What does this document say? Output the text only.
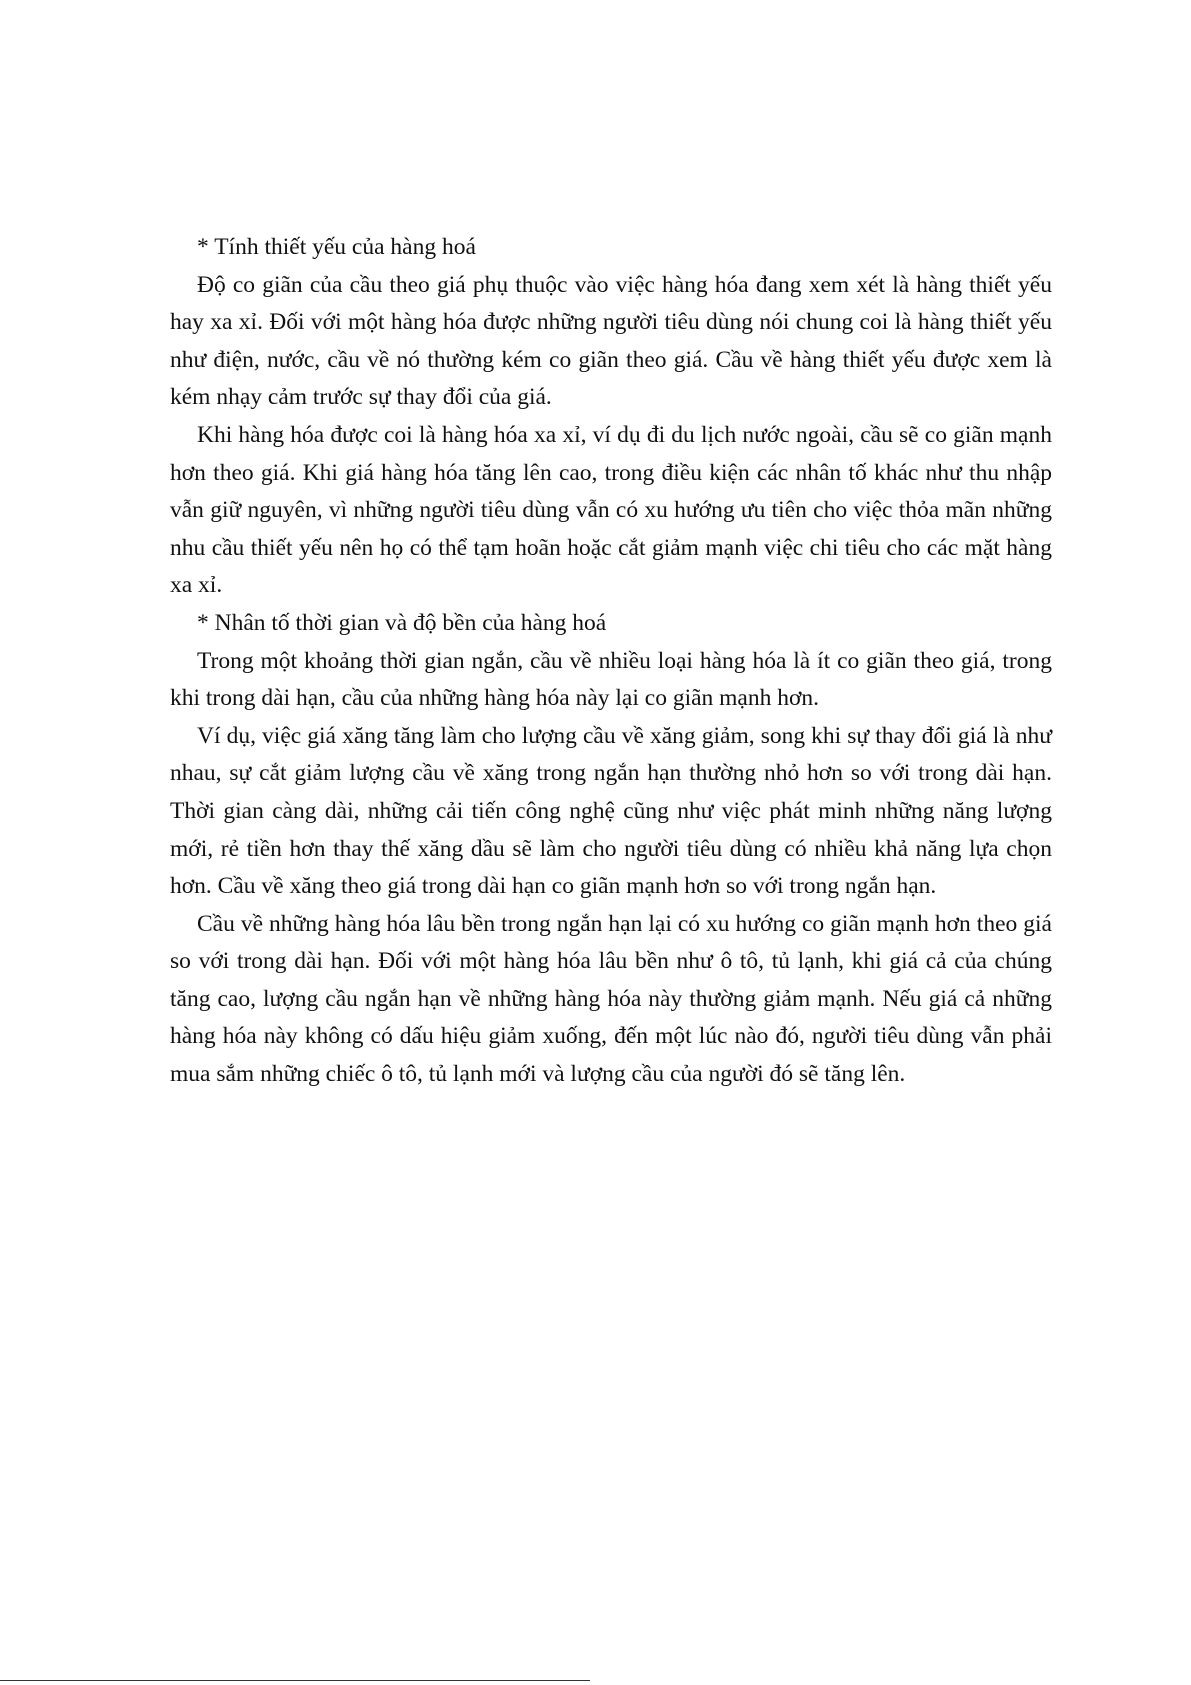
* Tính thiết yếu của hàng hoá

Độ co giãn của cầu theo giá phụ thuộc vào việc hàng hóa đang xem xét là hàng thiết yếu hay xa xỉ. Đối với một hàng hóa được những người tiêu dùng nói chung coi là hàng thiết yếu như điện, nước, cầu về nó thường kém co giãn theo giá. Cầu về hàng thiết yếu được xem là kém nhạy cảm trước sự thay đổi của giá.

Khi hàng hóa được coi là hàng hóa xa xỉ, ví dụ đi du lịch nước ngoài, cầu sẽ co giãn mạnh hơn theo giá. Khi giá hàng hóa tăng lên cao, trong điều kiện các nhân tố khác như thu nhập vẫn giữ nguyên, vì những người tiêu dùng vẫn có xu hướng ưu tiên cho việc thỏa mãn những nhu cầu thiết yếu nên họ có thể tạm hoãn hoặc cắt giảm mạnh việc chi tiêu cho các mặt hàng xa xỉ.

* Nhân tố thời gian và độ bền của hàng hoá

Trong một khoảng thời gian ngắn, cầu về nhiều loại hàng hóa là ít co giãn theo giá, trong khi trong dài hạn, cầu của những hàng hóa này lại co giãn mạnh hơn.

Ví dụ, việc giá xăng tăng làm cho lượng cầu về xăng giảm, song khi sự thay đổi giá là như nhau, sự cắt giảm lượng cầu về xăng trong ngắn hạn thường nhỏ hơn so với trong dài hạn. Thời gian càng dài, những cải tiến công nghệ cũng như việc phát minh những năng lượng mới, rẻ tiền hơn thay thế xăng dầu sẽ làm cho người tiêu dùng có nhiều khả năng lựa chọn hơn. Cầu về xăng theo giá trong dài hạn co giãn mạnh hơn so với trong ngắn hạn.

Cầu về những hàng hóa lâu bền trong ngắn hạn lại có xu hướng co giãn mạnh hơn theo giá so với trong dài hạn. Đối với một hàng hóa lâu bền như ô tô, tủ lạnh, khi giá cả của chúng tăng cao, lượng cầu ngắn hạn về những hàng hóa này thường giảm mạnh. Nếu giá cả những hàng hóa này không có dấu hiệu giảm xuống, đến một lúc nào đó, người tiêu dùng vẫn phải mua sắm những chiếc ô tô, tủ lạnh mới và lượng cầu của người đó sẽ tăng lên.
